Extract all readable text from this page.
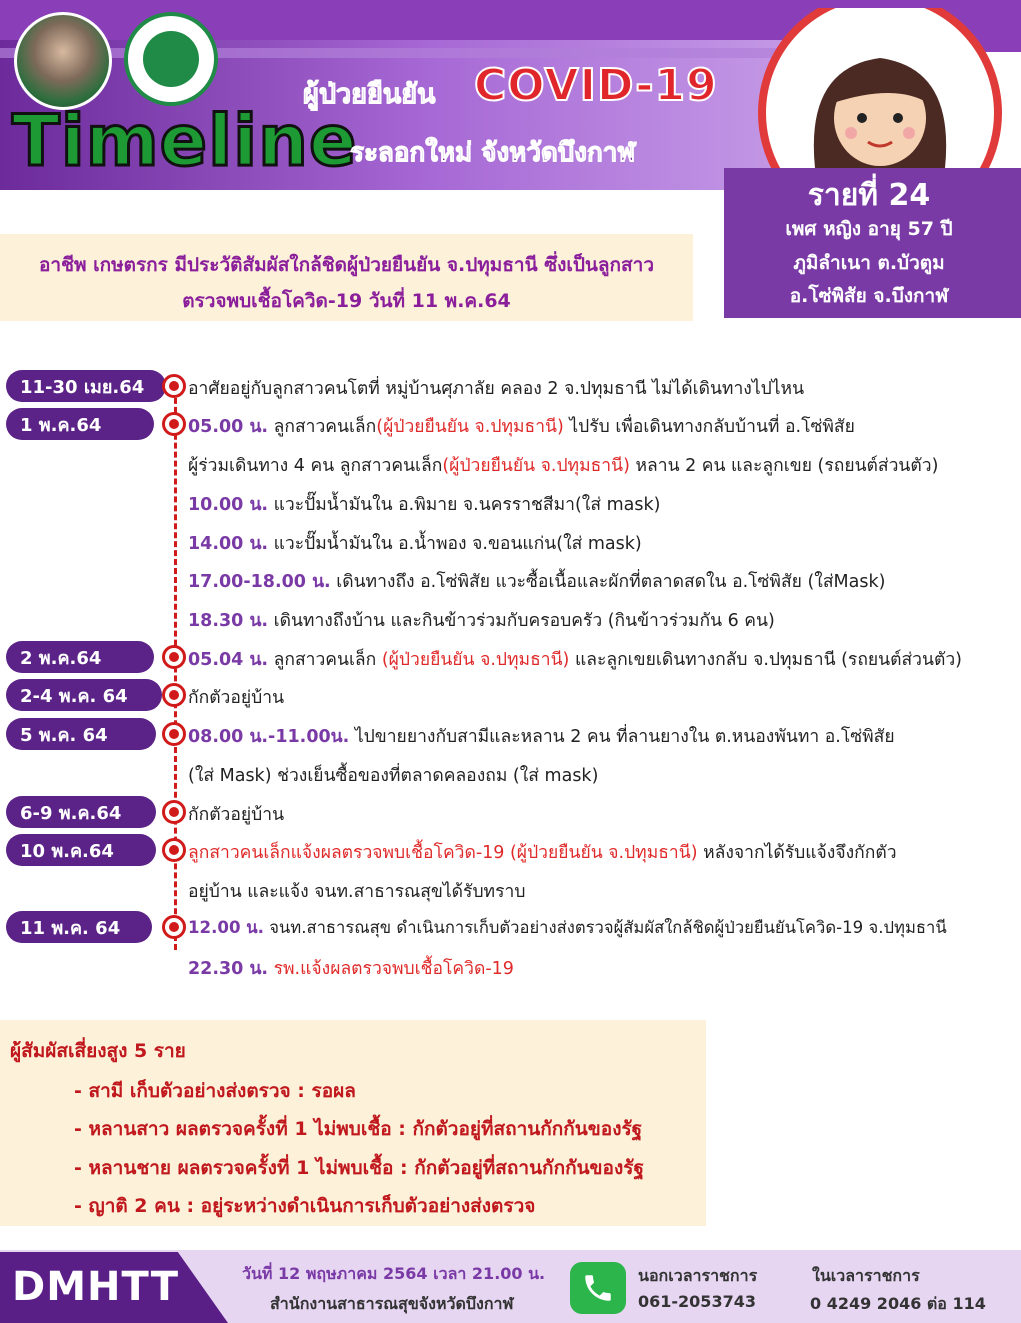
ผู้ป่วยยืนยัน COVID-19
Timeline
ระลอกใหม่ จังหวัดบึงกาฬ
รายที่ 24
เพศ หญิง อายุ 57 ปี
ภูมิลำเนา ต.บัวตูม
อ.โซ่พิสัย จ.บึงกาฬ
อาชีพ เกษตรกร มีประวัติสัมผัสใกล้ชิดผู้ป่วยยืนยัน จ.ปทุมธานี ซึ่งเป็นลูกสาว
ตรวจพบเชื้อโควิด-19 วันที่ 11 พ.ค.64
11-30 เมย.64	อาศัยอยู่กับลูกสาวคนโตที่ หมู่บ้านศุภาลัย คลอง 2 จ.ปทุมธานี ไม่ได้เดินทางไปไหน
1 พ.ค.64	05.00 น. ลูกสาวคนเล็ก(ผู้ป่วยยืนยัน จ.ปทุมธานี) ไปรับ เพื่อเดินทางกลับบ้านที่ อ.โซ่พิสัย
ผู้ร่วมเดินทาง 4 คน ลูกสาวคนเล็ก(ผู้ป่วยยืนยัน จ.ปทุมธานี) หลาน 2 คน และลูกเขย (รถยนต์ส่วนตัว)
10.00 น. แวะปั๊มน้ำมันใน อ.พิมาย จ.นครราชสีมา(ใส่ mask)
14.00 น. แวะปั๊มน้ำมันใน อ.น้ำพอง จ.ขอนแก่น(ใส่ mask)
17.00-18.00 น. เดินทางถึง อ.โซ่พิสัย แวะซื้อเนื้อและผักที่ตลาดสดใน อ.โซ่พิสัย (ใส่Mask)
18.30 น. เดินทางถึงบ้าน และกินข้าวร่วมกับครอบครัว (กินข้าวร่วมกัน 6 คน)
2 พ.ค.64	05.04 น. ลูกสาวคนเล็ก (ผู้ป่วยยืนยัน จ.ปทุมธานี) และลูกเขยเดินทางกลับ จ.ปทุมธานี (รถยนต์ส่วนตัว)
2-4 พ.ค. 64	กักตัวอยู่บ้าน
5 พ.ค. 64	08.00 น.-11.00น. ไปขายยางกับสามีและหลาน 2 คน ที่ลานยางใน ต.หนองพันทา อ.โซ่พิสัย
(ใส่ Mask) ช่วงเย็นซื้อของที่ตลาดคลองถม (ใส่ mask)
6-9 พ.ค.64	กักตัวอยู่บ้าน
10 พ.ค.64	ลูกสาวคนเล็กแจ้งผลตรวจพบเชื้อโควิด-19 (ผู้ป่วยยืนยัน จ.ปทุมธานี) หลังจากได้รับแจ้งจึงกักตัว
อยู่บ้าน และแจ้ง จนท.สาธารณสุขได้รับทราบ
11 พ.ค. 64	12.00 น. จนท.สาธารณสุข ดำเนินการเก็บตัวอย่างส่งตรวจผู้สัมผัสใกล้ชิดผู้ป่วยยืนยันโควิด-19 จ.ปทุมธานี
22.30 น. รพ.แจ้งผลตรวจพบเชื้อโควิด-19
ผู้สัมผัสเสี่ยงสูง 5 ราย
- สามี เก็บตัวอย่างส่งตรวจ : รอผล
- หลานสาว ผลตรวจครั้งที่ 1 ไม่พบเชื้อ : กักตัวอยู่ที่สถานกักกันของรัฐ
- หลานชาย ผลตรวจครั้งที่ 1 ไม่พบเชื้อ : กักตัวอยู่ที่สถานกักกันของรัฐ
- ญาติ 2 คน : อยู่ระหว่างดำเนินการเก็บตัวอย่างส่งตรวจ
DMHTT	วันที่ 12 พฤษภาคม 2564 เวลา 21.00 น.
สำนักงานสาธารณสุขจังหวัดบึงกาฬ
นอกเวลาราชการ
061-2053743
ในเวลาราชการ
0 4249 2046 ต่อ 114
